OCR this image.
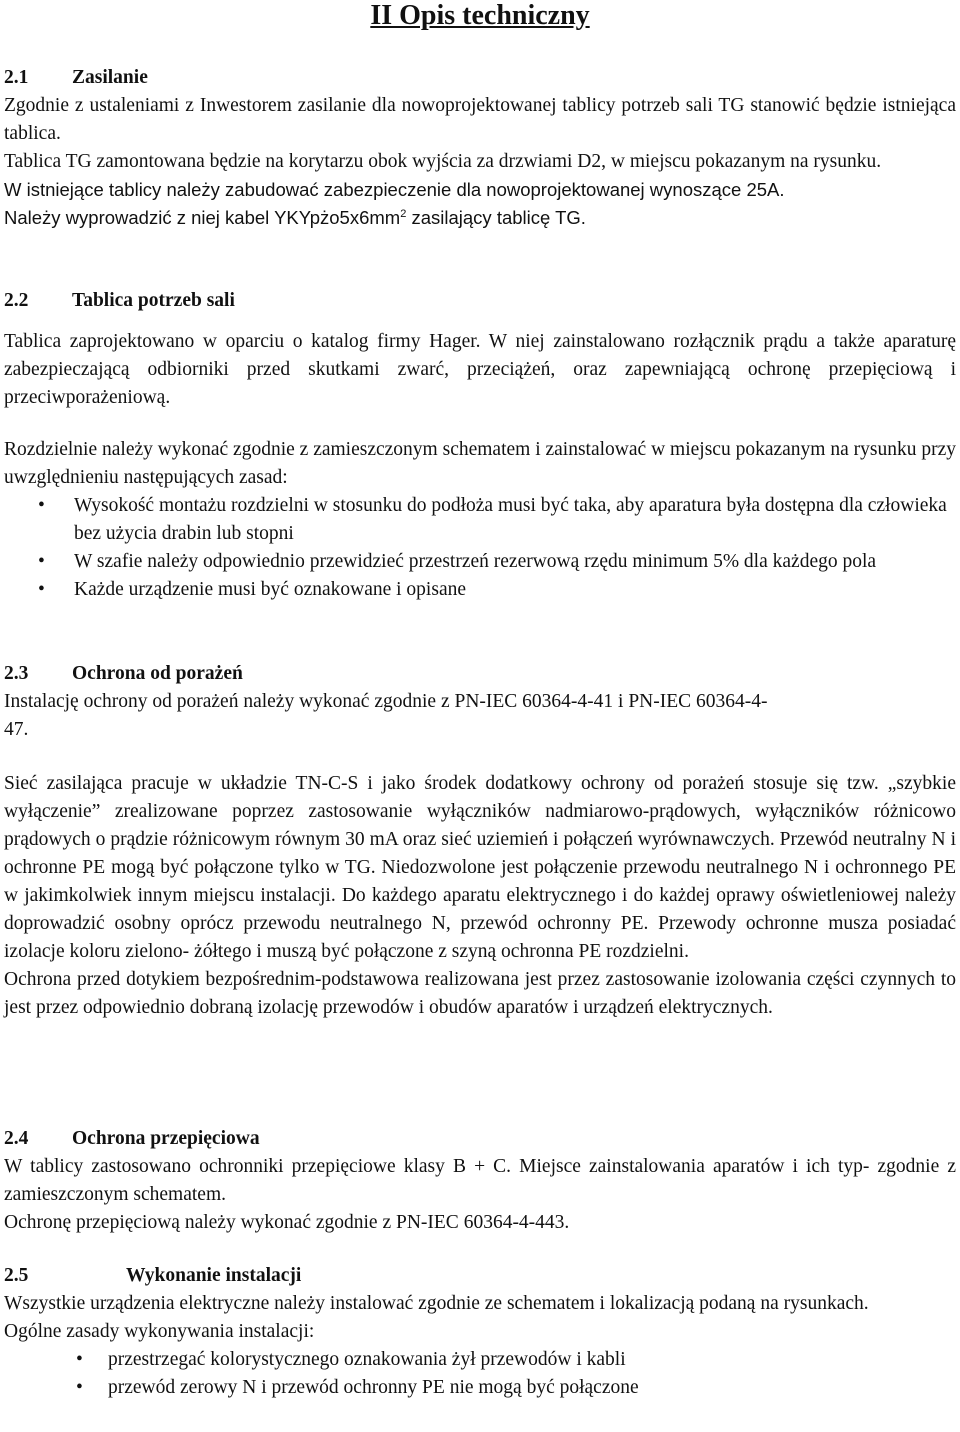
II Opis techniczny
2.1 Zasilanie

Zgodnie z ustaleniami z Inwestorem zasilanie dla nowoprojektowanej tablicy potrzeb sali TG stanowić będzie istniejąca tablica.

Tablica TG zamontowana będzie na korytarzu obok wyjścia za drzwiami D2, w miejscu pokazanym na rysunku.

W istniejące tablicy należy zabudować zabezpieczenie dla nowoprojektowanej wynoszące 25A.

Należy wyprowadzić z niej kabel $YKYpżo5x6mm^2$ zasilający tablicę TG.

2.2 Tablica potrzeb sali

Tablica zaprojektowano w oparciu o katalog firmy Hager. W niej zainstalowano rozłącznik prądu a także aparaturę zabezpieczającą odbiorniki przed skutkami zwarć, przeciążeń, oraz zapewniającą ochronę przepięciową i przeciwporażeniową.

Rozdzielnie należy wykonać zgodnie z zamieszczonym schematem i zainstalować w miejscu pokazanym na rysunku przy uwzględnieniu następujących zasad:

• Wysokość montażu rozdzielni w stosunku do podłoża musi być taka, aby aparatura była dostępna dla człowieka bez użycia drabin lub stopni
• W szafie należy odpowiednio przewidzieć przestrzeń rezerwową rzędu minimum 5% dla każdego pola
• Każde urządzenie musi być oznakowane i opisane
2.3 Ochrona od porażeń

Instalację ochrony od porażeń należy wykonać zgodnie z PN-IEC 60364-4-41 i PN-IEC 60364-4-

47.

Sieć zasilająca pracuje w układzie TN-C-S i jako środek dodatkowy ochrony od porażeń stosuje się tzw. „szybkie wyłączenie” zrealizowane poprzez zastosowanie wyłączników nadmiarowo-prądowych, wyłączników różnicowo prądowych o prądzie różnicowym równym 30 mA oraz sieć uziemień i połączeń wyrównawczych. Przewód neutralny N i ochronne PE mogą być połączone tylko w TG. Niedozwolone jest połączenie przewodu neutralnego N i ochronnego PE w jakimkolwiek innym miejscu instalacji. Do każdego aparatu elektrycznego i do każdej oprawy oświetleniowej należy doprowadzić osobny oprócz przewodu neutralnego N, przewód ochronny PE. Przewody ochronne musza posiadać izolacje koloru zielono- żółtego i muszą być połączone z szyną ochronna PE rozdzielni.

Ochrona przed dotykiem bezpośrednim-podstawowa realizowana jest przez zastosowanie izolowania części czynnych to jest przez odpowiednio dobraną izolację przewodów i obudów aparatów i urządzeń elektrycznych.

2.4 Ochrona przepięciowa

W tablicy zastosowano ochronniki przepięciowe klasy B + C. Miejsce zainstalowania aparatów i ich typ- zgodnie z zamieszczonym schematem.

Ochronę przepięciową należy wykonać zgodnie z PN-IEC 60364-4-443.

2.5	Wykonanie instalacji

Wszystkie urządzenia elektryczne należy instalować zgodnie ze schematem i lokalizacją podaną na rysunkach.

Ogólne zasady wykonywania instalacji:

• przestrzegać kolorystycznego oznakowania żył przewodów i kabli
• przewód zerowy N i przewód ochronny PE nie mogą być połączone
